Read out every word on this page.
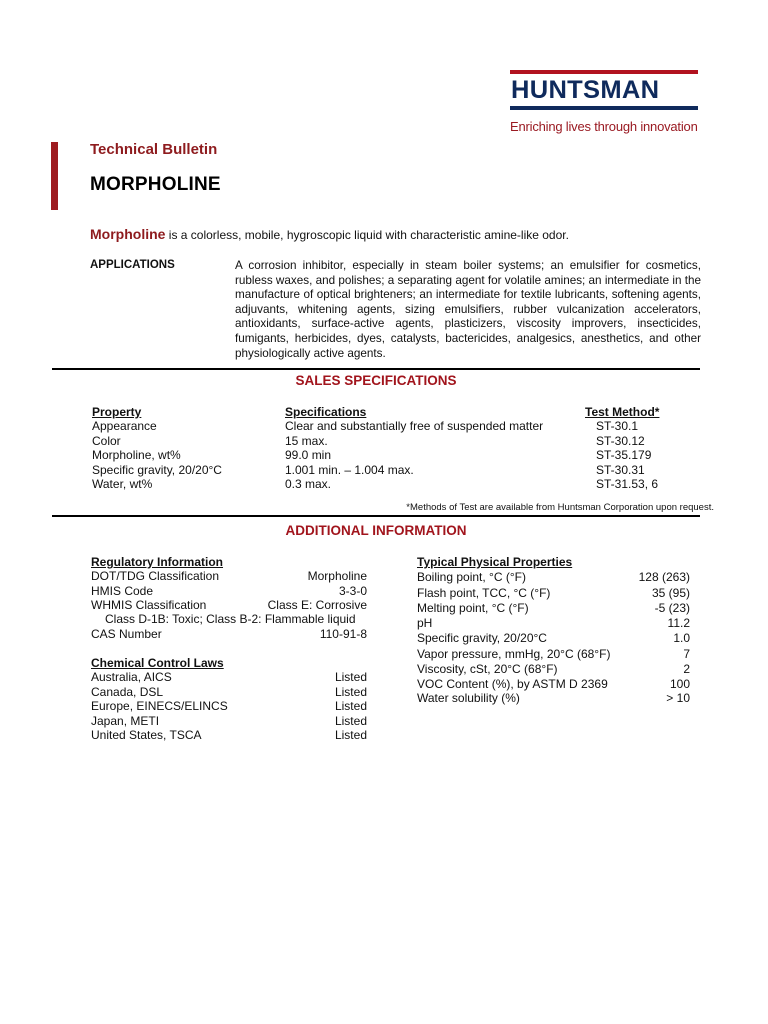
HUNTSMAN
Enriching lives through innovation
Technical Bulletin
MORPHOLINE
Morpholine is a colorless, mobile, hygroscopic liquid with characteristic amine-like odor.
APPLICATIONS	A corrosion inhibitor, especially in steam boiler systems; an emulsifier for cosmetics, rubless waxes, and polishes; a separating agent for volatile amines; an intermediate in the manufacture of optical brighteners; an intermediate for textile lubricants, softening agents, adjuvants, whitening agents, sizing emulsifiers, rubber vulcanization accelerators, antioxidants, surface-active agents, plasticizers, viscosity improvers, insecticides, fumigants, herbicides, dyes, catalysts, bactericides, analgesics, anesthetics, and other physiologically active agents.
SALES SPECIFICATIONS
Property	Specifications	Test Method*
Appearance	Clear and substantially free of suspended matter	ST-30.1
Color	15 max.	ST-30.12
Morpholine, wt%	99.0 min	ST-35.179
Specific gravity, 20/20°C	1.001 min. – 1.004 max.	ST-30.31
Water, wt%	0.3 max.	ST-31.53, 6
*Methods of Test are available from Huntsman Corporation upon request.
ADDITIONAL INFORMATION
Regulatory Information
DOT/TDG Classification	Morpholine
HMIS Code	3-3-0
WHMIS Classification	Class E: Corrosive
Class D-1B: Toxic; Class B-2: Flammable liquid
CAS Number	110-91-8
Chemical Control Laws
Australia, AICS	Listed
Canada, DSL	Listed
Europe, EINECS/ELINCS	Listed
Japan, METI	Listed
United States, TSCA	Listed
Typical Physical Properties
Boiling point, °C (°F)	128 (263)
Flash point, TCC, °C (°F)	35 (95)
Melting point, °C (°F)	-5 (23)
pH	11.2
Specific gravity, 20/20°C	1.0
Vapor pressure, mmHg, 20°C (68°F)	7
Viscosity, cSt, 20°C (68°F)	2
VOC Content (%), by ASTM D 2369	100
Water solubility (%)	> 10
